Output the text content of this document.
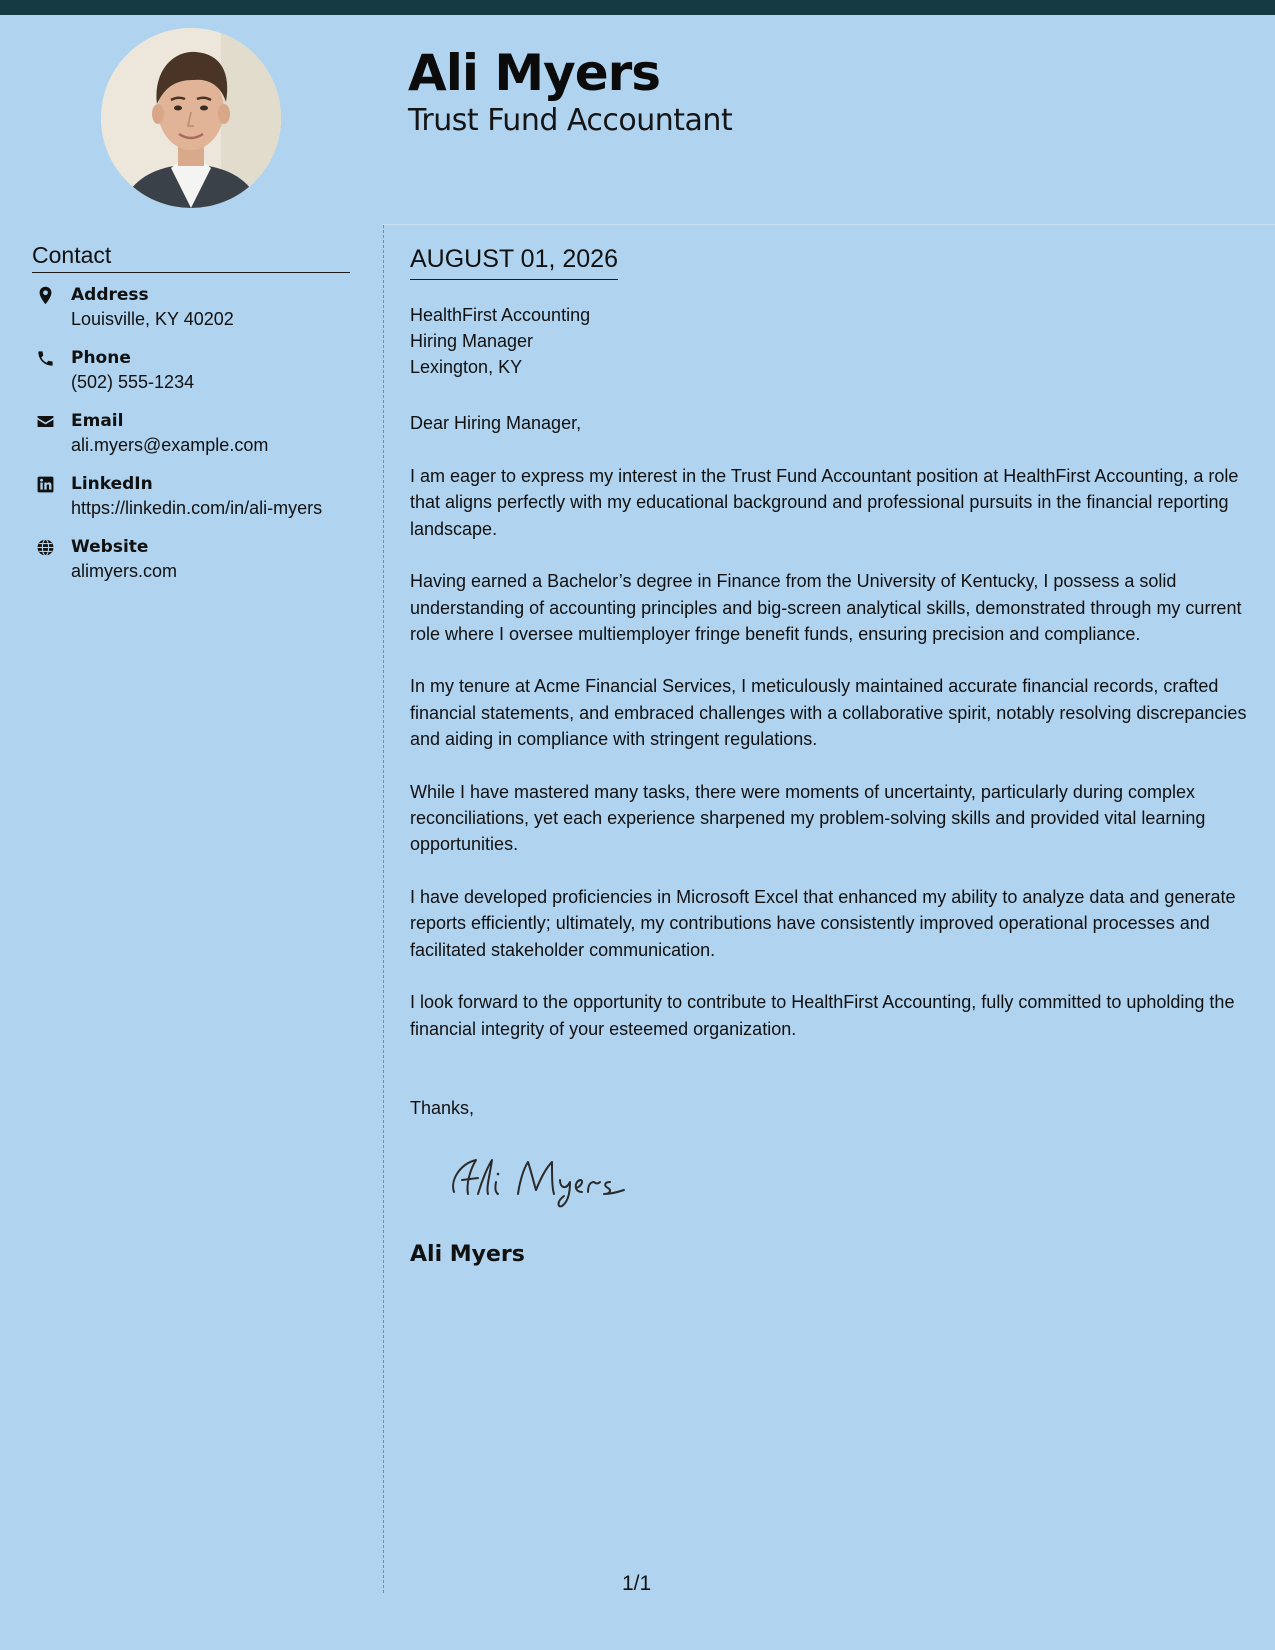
Ali Myers
Trust Fund Accountant
Contact
Address
Louisville, KY 40202
Phone
(502) 555-1234
Email
ali.myers@example.com
LinkedIn
https://linkedin.com/in/ali-myers
Website
alimyers.com
AUGUST 01, 2026
HealthFirst Accounting
Hiring Manager
Lexington, KY

Dear Hiring Manager,

I am eager to express my interest in the Trust Fund Accountant position at HealthFirst Accounting, a role that aligns perfectly with my educational background and professional pursuits in the financial reporting landscape.

Having earned a Bachelor’s degree in Finance from the University of Kentucky, I possess a solid understanding of accounting principles and big-screen analytical skills, demonstrated through my current role where I oversee multiemployer fringe benefit funds, ensuring precision and compliance.

In my tenure at Acme Financial Services, I meticulously maintained accurate financial records, crafted financial statements, and embraced challenges with a collaborative spirit, notably resolving discrepancies and aiding in compliance with stringent regulations.

While I have mastered many tasks, there were moments of uncertainty, particularly during complex reconciliations, yet each experience sharpened my problem-solving skills and provided vital learning opportunities.

I have developed proficiencies in Microsoft Excel that enhanced my ability to analyze data and generate reports efficiently; ultimately, my contributions have consistently improved operational processes and facilitated stakeholder communication.

I look forward to the opportunity to contribute to HealthFirst Accounting, fully committed to upholding the financial integrity of your esteemed organization.

Thanks,

Ali Myers
1/1
